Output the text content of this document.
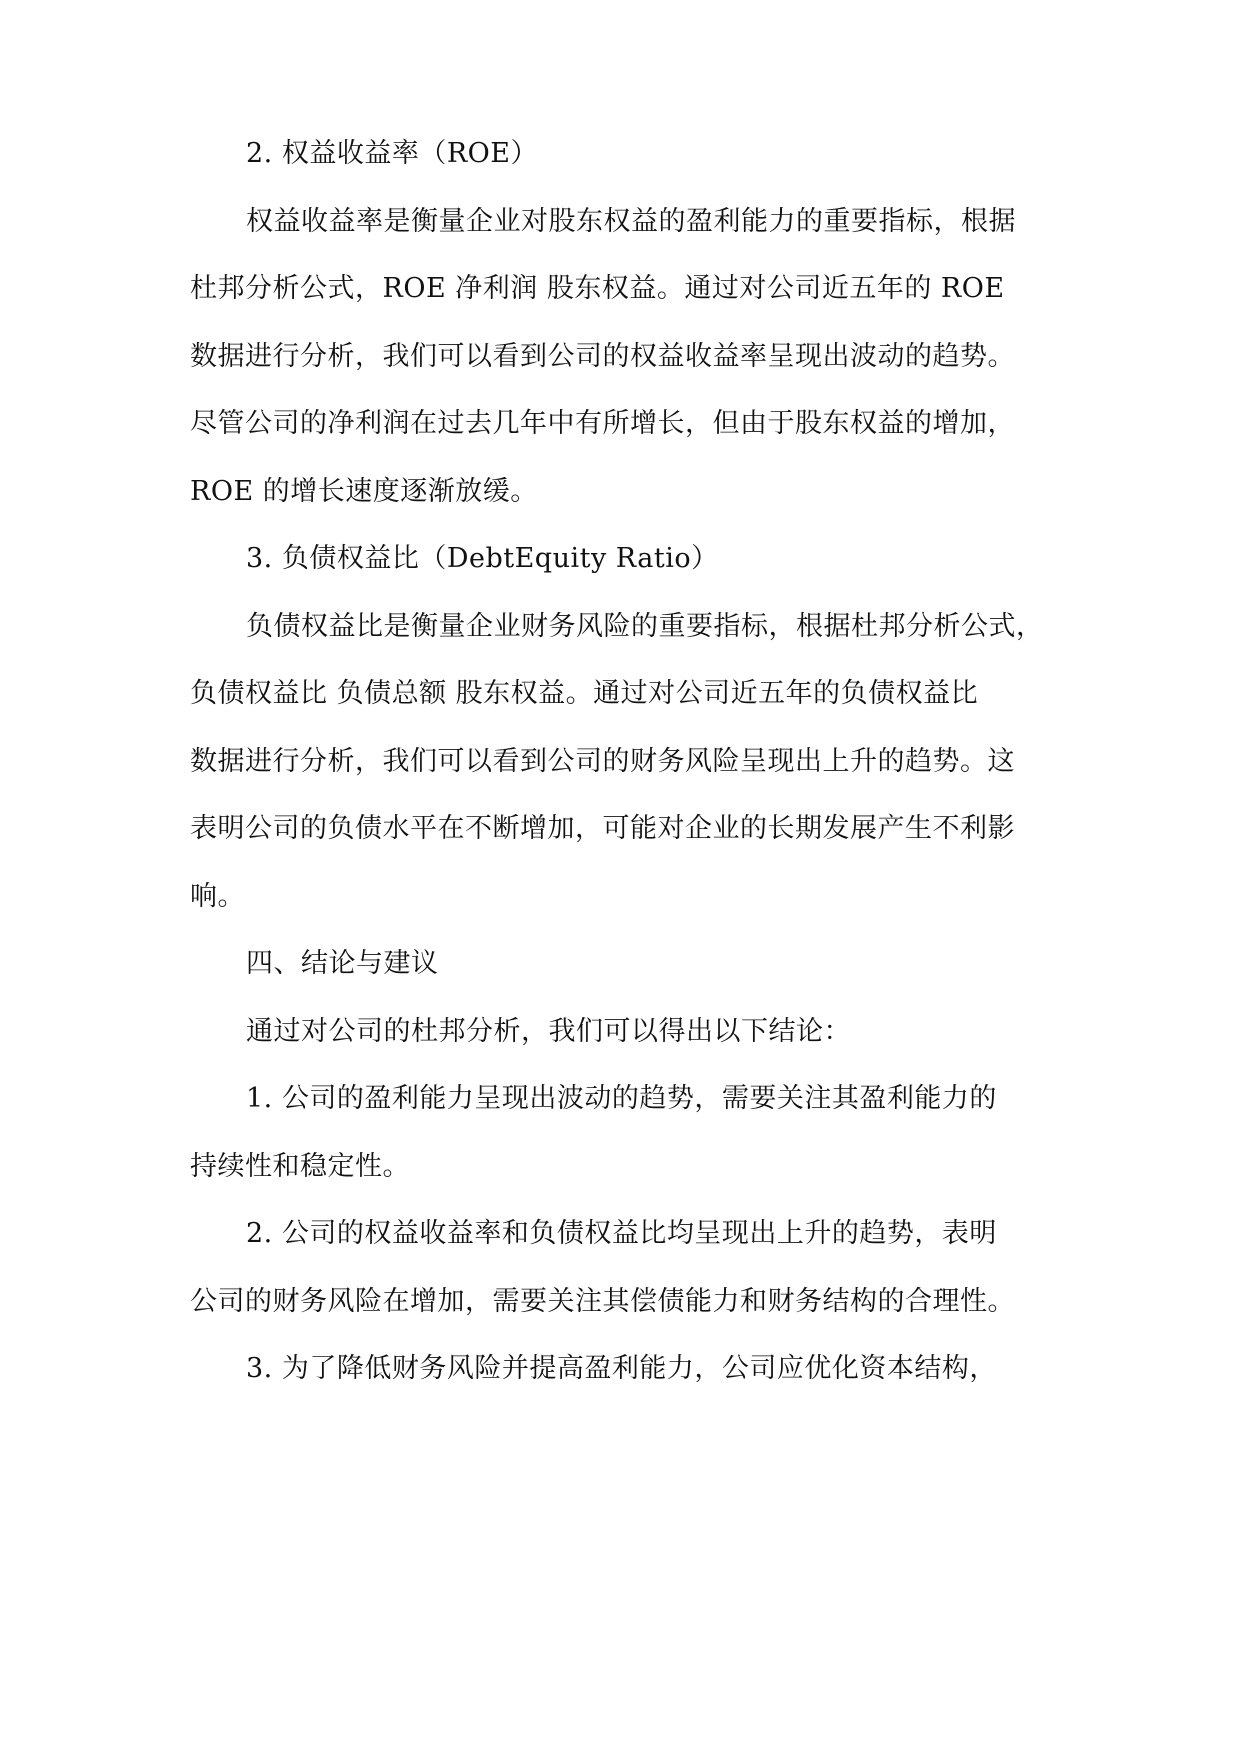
2. 权益收益率（ROE）
权益收益率是衡量企业对股东权益的盈利能力的重要指标，根据
杜邦分析公式，ROE 净利润 股东权益。通过对公司近五年的 ROE
数据进行分析，我们可以看到公司的权益收益率呈现出波动的趋势。
尽管公司的净利润在过去几年中有所增长，但由于股东权益的增加，
ROE 的增长速度逐渐放缓。
3. 负债权益比（DebtEquity Ratio）
负债权益比是衡量企业财务风险的重要指标，根据杜邦分析公式，
负债权益比 负债总额 股东权益。通过对公司近五年的负债权益比
数据进行分析，我们可以看到公司的财务风险呈现出上升的趋势。这
表明公司的负债水平在不断增加，可能对企业的长期发展产生不利影
响。
四、结论与建议
通过对公司的杜邦分析，我们可以得出以下结论：
1. 公司的盈利能力呈现出波动的趋势，需要关注其盈利能力的
持续性和稳定性。
2. 公司的权益收益率和负债权益比均呈现出上升的趋势，表明
公司的财务风险在增加，需要关注其偿债能力和财务结构的合理性。
3. 为了降低财务风险并提高盈利能力，公司应优化资本结构，
